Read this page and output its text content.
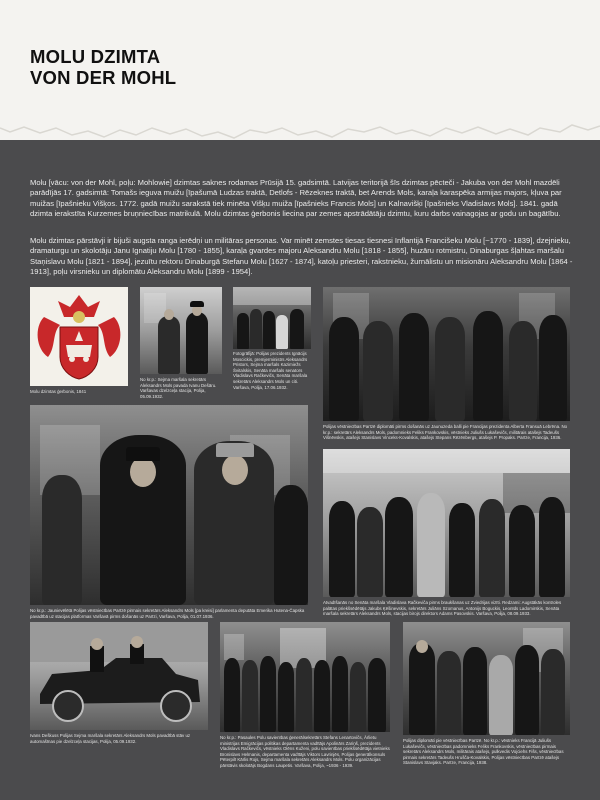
MOLU DZIMTA
VON DER MOHL

Molu [vācu: von der Mohl, poļu: Mohlowie] dzimtas saknes rodamas Prūsijā 15. gadsimtā. Latvijas teritorijā šīs dzimtas pēcteči - Jakuba von der Mohl mazdēli parādījās 17. gadsimtā: Tomašs ieguva muižu [īpašumā Ludzas traktā, Detlofs - Rēzeknes traktā, bet Arends Mols, karaļa karaspēka armijas majors, kļuva par muižas [īpašnieku Višķos. 1772. gadā muižu sarakstā tiek minēta Višķu muiža [īpašnieks Francis Mols] un Kalnavišķi [īpašnieks Vladislavs Mols]. 1841. gadā dzimta ierakstīta Kurzemes bruņniecības matrikulā. Molu dzimtas ģerbonis liecina par zemes apstrādātāju dzimtu, kuru darbs vainagojas ar godu un bagātību.

Molu dzimtas pārstāvji ir bijuši augsta ranga ierēdņi un militāras personas. Var minēt zemstes tiesas tiesnesi Inflantijā Francišeku Molu [~1770 - 1839], dzejnieku, dramaturgu un skolotāju Janu Ignatiju Molu [1780 - 1855], karaļa gvardes majoru Aleksandru Molu [1818 - 1855], huzāru rotmistru, Dinaburgas šļahtas maršalu Staņislavu Molu [1821 - 1894], jezuītu rektoru Dinaburgā Stefanu Molu [1627 - 1874], katoļu priesteri, rakstnieku, žurnālistu un misionāru Aleksandru Molu [1864 - 1913], poļu virsnieku un diplomātu Aleksandru Molu [1899 - 1954].

Molu dzimtas ģerbonis, 1841

No kr.p.: Sejma maršala sekretārs Aleksandrs Mols pavada Ivanu Dešāru. Varšavas dzelzceļa stacija, Polija, 05.09.1932.

Fotogrāfijā: Polijas prezidents Ignācijs Moscickis, premjerministrs Aleksandrs Pristors, Sejma maršals Kazimiežs Švitalskis, Senāta maršals senators Vladislavs Račkevičs, Senāta maršala sekretārs Aleksandrs Mols un citi. Varšava, Polija, 17.06.1932.

Polijas vēstniecības Parīzē diplomāti pirms došanās uz Jaunuzeda balli pie Francijas prezidenta Alberta Fransuā Lebrēna. No kr.p.: sekretārs Aleksandrs Mols, padomnieks Feliks Frankovskis, vēstnieks Juliušs Lukaševičs, militārais atašejs Tadeušs Višnēvskis, atašejs Stanislavs Vinceks-Kovalskis, atašejs Stepans Rēzēnbergs, atašejs P. Propaks. Parīze, Francija, 1936.

No kr.p.: Jaunievēlētā Polijas vēstniecības Parīzē pirmais sekretārs Aleksandrs Mols [pa kreisi] parlamenta deputāta Emerika Hutena-Čapska pavadībā uz stacijas platformas Varšavā pirms došanās uz Parīzi, Varšava, Polija, 01.07.1936.

Atvadīšanās no Senāta maršala Vladislava Račkeviča pirms braukšanas uz Zviedrijas vizīti. Redzami: Augstākās kontroles palātas priekšsēdētājs Jakubs Ķēšinevskis, sekretārs Juliāns Szomanus, Antonijs Boguckis, Leonīds Ladomirskis, Senāta maršala sekretārs Aleksandrs Mols, stacijas birojs direktors Adams Pasovskis. Varšava, Polija, 08.09.1933.

Ivans Deškuss Polijas Sejma maršala sekretārs Aleksandrs Mols pavadībā stāv uz automašīnas pie dzelzceļa stacijas, Polija, 05.09.1932.

No kr.p.: Pasaules Polu savienības ģenerālsekretārs Stefans Lenartovičs, Ārlietu ministrijas Emigrācijas politikas departamenta vadītājs Apolinārs Zariņš, prezidents Vladislavs Račkevičs, vēstnieks Olēns Kuženi, polu savienības priekšsēdētāja vietnieks Bronislavs Helmanis, departamenta vadītājs Viktors Lavrinjēs, Polijas ģenerālkonsuls Pēterpilī Kārlis Rojs, Sejma maršala sekretārs Aleksandrs Mols. Polu organizācijas pārstāvis skolotājs Bogdans Laupetis. Varšava, Polija, ~1936 - 1939.

Polijas diplomāti pie vēstniecības Parīzē. No kr.p.: vēstnieks Francijā Juliušs Lukaševičs, vēstniecības padomnieks Feliks Frankovskis, vēstniecības pirmais sekretārs Aleksandrs Mols, militārais atašejs, pulkvedis Vojciehs Fišs, vēstniecības pirmais sekretārs Tadeušs Hrušča-Kovalskis, Polijas vēstniecības Parīzē atašejs Stanislavs Stavjaks. Parīze, Francija, 1938.
